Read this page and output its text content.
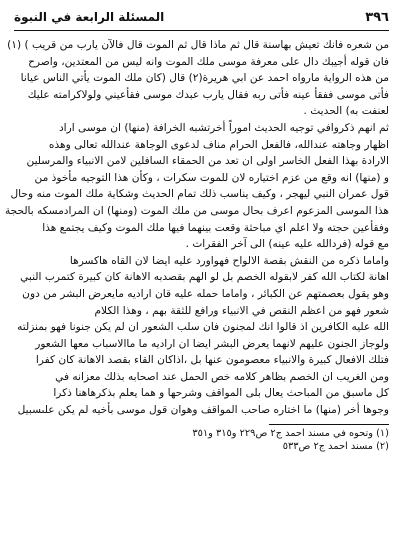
٣٩٦
المسئلة الرابعة في النبوة
من شعره فانك تعيش بهاسنة قال ثم ماذا قال ثم الموت قال فالآن يارب من قريب ) (١)
فان قوله أجيبك دال على معرفة موسى ملك الموت وانه ليس من المعتدين، واصرح
من هذه الرواية مارواه احمد عن ابي هريرة(٢) قال (كان ملك الموت يأتي الناس عيانا
فأتى موسى ففقأ عينه فأتى ربه فقال يارب عبدك موسى فقأعيني ولولاكرامته عليك
لعنفت به) الحديث .
ثم انهم ذكروافي توجيه الحديث اموراً أخرتشبه الخرافة (منها) ان موسى اراد
اظهار وجاهته عندالله، فالفعل الحرام مناف لدعوى الوجاهة عندالله تعالى وهذه
الارادة بهذا الفعل الخاسر اولى ان تعد من الحمقاء السافلين لامن الانبياء والمرسلين
و (منها) انه وقع من عزم اختياره لان للموت سكرات ، وكأن هذا التوجيه مأخوذ من
قول عمران النبي ليهجر ، وكيف يناسب ذلك تمام الحديث وشكاية ملك الموت منه وحال
هذا الموسى المزعوم اعرف بحال موسى من ملك الموت (ومنها) ان المرادمسكه بالحجة
وفقأعين حجته ولا اعلم اي مباحثة وقعت بينهما فيها ملك الموت وكيف يجتمع هذا
مع قوله (فردالله عليه عينه) الى آخر الفقرات .
واماما ذكره من النقش بقصة الالواح فهواورد عليه ايضا لان القاه هاكسرها
اهانة لكتاب الله كفر لابقوله الخصم بل لو الهم بقصدبه الاهانة كان كبيرة كتمرب النبي
وهو يقول بعصمتهم عن الكبائر ، واماما حمله عليه قان اراديه مايعرض البشر من دون
شعور فهو من اعظم النقص في الانبياء ورافع للثقة بهم ، وهذا الكلام
الله عليه الكافرين اذ قالوا انك لمجنون فان سلب الشعور ان لم يكن جنونا فهو بمنزلته
ولوجاز الجنون عليهم لانهما يعرض البشر ايضا ان اراديه ما ماالاسباب معها الشعور
فتلك الافعال كبيرة والانبياء معصومون عنها بل ،اذاكان القاء بقصد الاهانة كان كفرا
ومن الغريب ان الخصم بظاهر كلامه خص الحمل عند اصحابه بذلك معزانه في
كل ماسبق من المباحث يعال بلى المواقف وشرحها و هما يعلم بذكرهاهنا ذكرا
وجوها أخر (منها) ما اختاره صاحب المواقف وهوان قول موسى بأخيه لم يكن علىسبيل
(١) وتحوه في مسند احمد ج٢ ص٢٢٩ و٣١٥ و٣٥١
(٢) مسند احمد ج٢ ص٥٣٣
